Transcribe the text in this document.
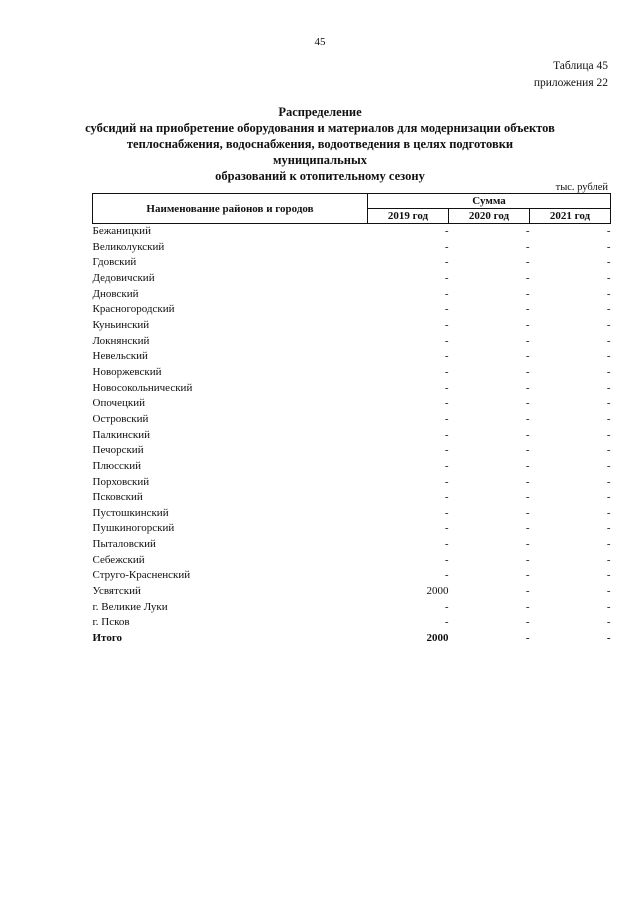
45
Таблица 45
приложения 22
Распределение
субсидий на приобретение оборудования и материалов для модернизации объектов
теплоснабжения, водоснабжения, водоотведения в целях подготовки муниципальных
образований к отопительному сезону
тыс. рублей
Наименование районов и городов	Сумма		
	2019 год	2020 год	2021 год
Бежаницкий	-	-	-
Великолукский	-	-	-
Гдовский	-	-	-
Дедовичский	-	-	-
Дновский	-	-	-
Красногородский	-	-	-
Куньинский	-	-	-
Локнянский	-	-	-
Невельский	-	-	-
Новоржевский	-	-	-
Новосокольнический	-	-	-
Опочецкий	-	-	-
Островский	-	-	-
Палкинский	-	-	-
Печорский	-	-	-
Плюсский	-	-	-
Порховский	-	-	-
Псковский	-	-	-
Пустошкинский	-	-	-
Пушкиногорский	-	-	-
Пыталовский	-	-	-
Себежский	-	-	-
Струго-Красненский	-	-	-
Усвятский	2000	-	-
г. Великие Луки	-	-	-
г. Псков	-	-	-
Итого	2000	-	-
